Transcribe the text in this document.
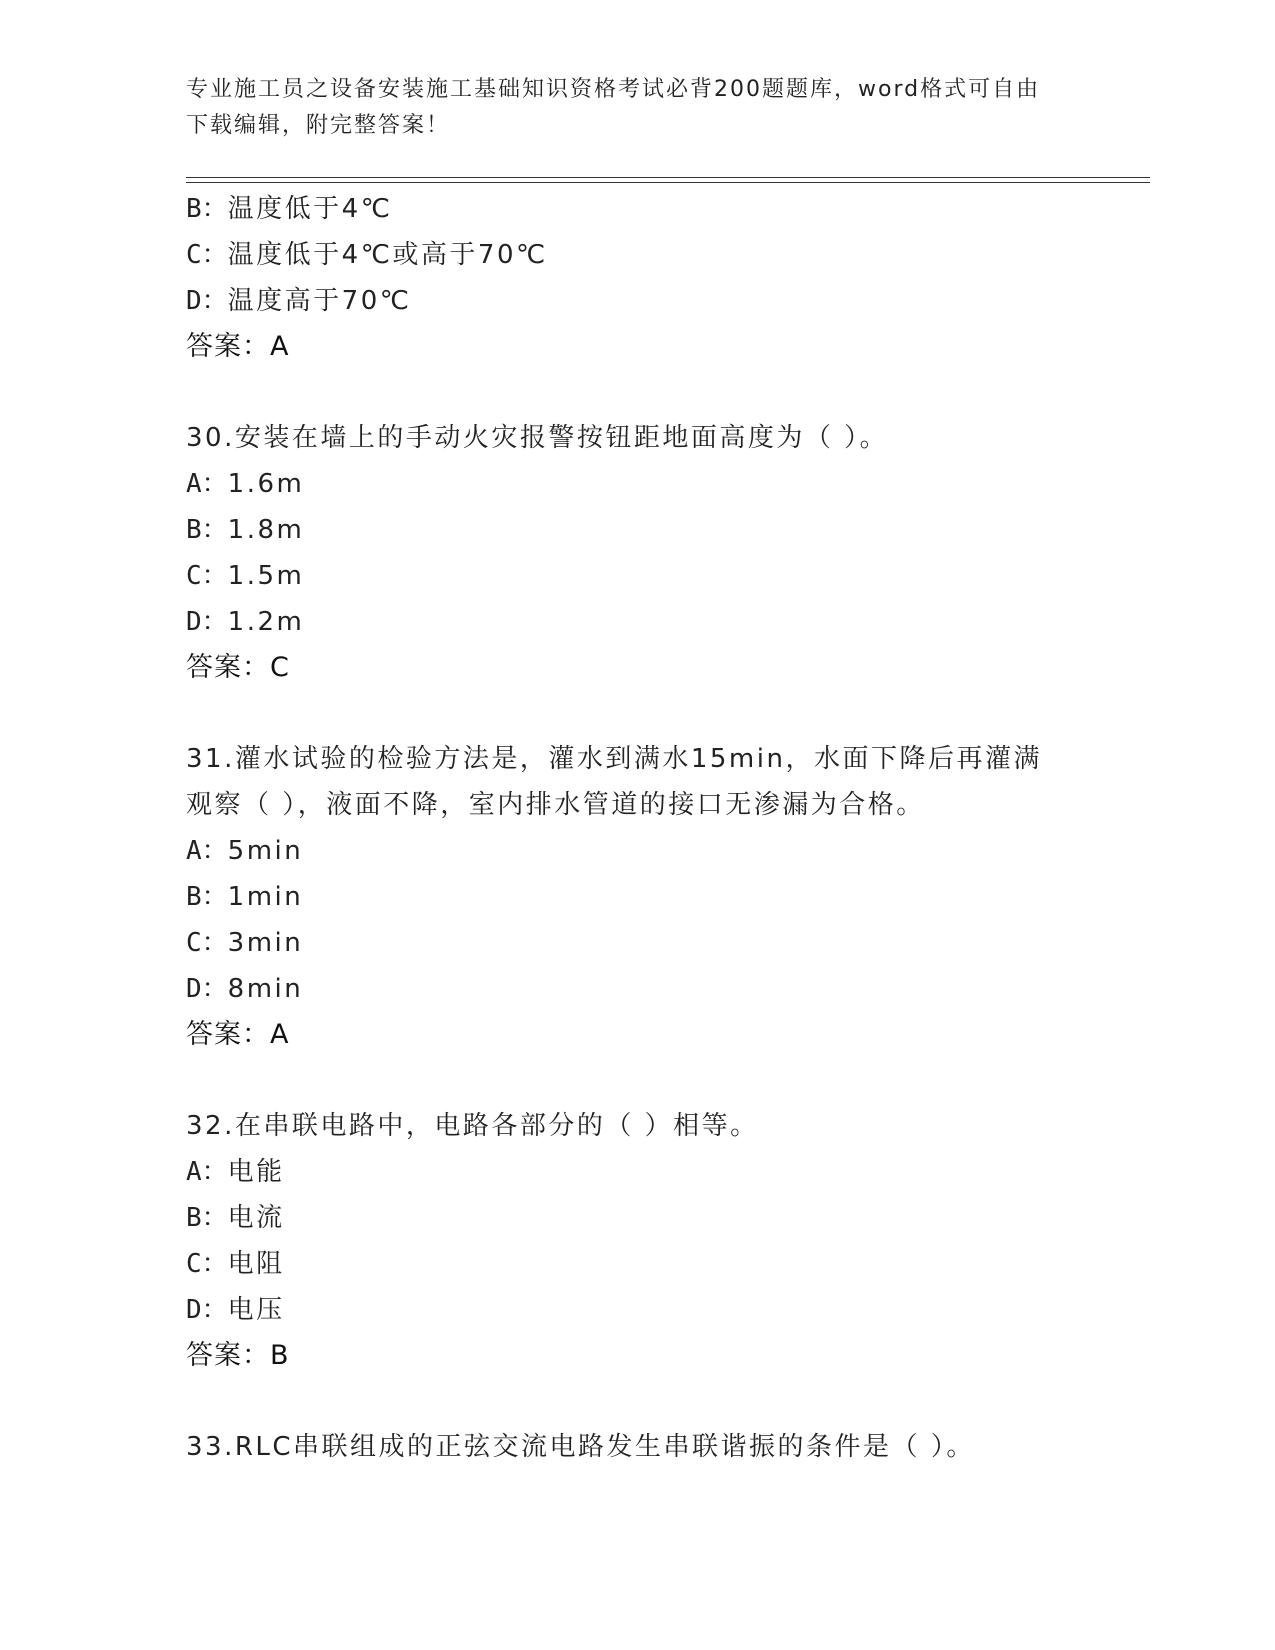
专业施工员之设备安装施工基础知识资格考试必背200题题库，word格式可自由
下载编辑，附完整答案！
B：温度低于4℃
C：温度低于4℃或高于70℃
D：温度高于70℃
答案：A
30.安装在墙上的手动火灾报警按钮距地面高度为（ ）。
A：1.6m
B：1.8m
C：1.5m
D：1.2m
答案：C
31.灌水试验的检验方法是，灌水到满水15min，水面下降后再灌满观察（ ），液面不降，室内排水管道的接口无渗漏为合格。
A：5min
B：1min
C：3min
D：8min
答案：A
32.在串联电路中，电路各部分的（ ）相等。
A：电能
B：电流
C：电阻
D：电压
答案：B
33.RLC串联组成的正弦交流电路发生串联谐振的条件是（ ）。
